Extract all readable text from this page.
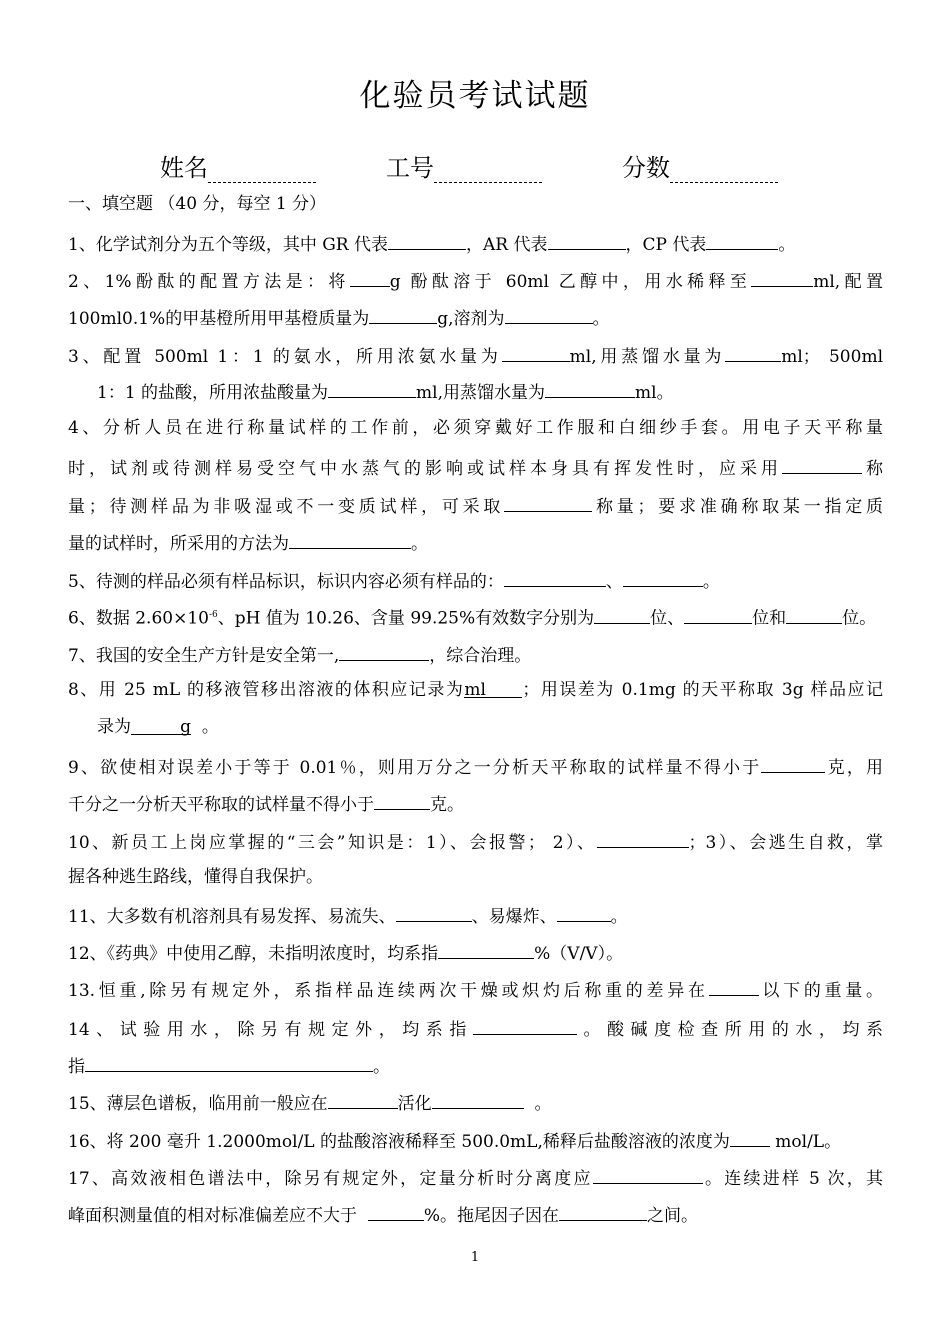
化验员考试试题
姓名	工号	分数
一、填空题 （40 分，每空 1 分）
1、化学试剂分为五个等级，其中 GR 代表	，AR 代表	，CP 代表	。
2、1%酚酞的配置方法是：将 g 酚酞溶于 60ml 乙醇中，用水稀释至	ml,配置
100ml0.1%的甲基橙所用甲基橙质量为	g,溶剂为	。
3、配置 500ml 1：1 的氨水，所用浓氨水量为	ml,用蒸馏水量为	ml； 500ml
1：1 的盐酸，所用浓盐酸量为	ml,用蒸馏水量为	ml。
4、分析人员在进行称量试样的工作前，必须穿戴好工作服和白细纱手套。用电子天平称量
时，试剂或待测样易受空气中水蒸气的影响或试样本身具有挥发性时，应采用	称
量；待测样品为非吸湿或不一变质试样，可采取	称量；要求准确称取某一指定质
量的试样时，所采用的方法为	。
5、待测的样品必须有样品标识，标识内容必须有样品的：	、	。
6、数据 $2.60\times 10^{-6}$、pH 值为 10.26、含量 99.25%有效数字分别为	位、	位和	位。
7、我国的安全生产方针是安全第一,	，综合治理。
8、用 25 mL 的移液管移出溶液的体积应记录为ml ；用误差为 0.1mg 的天平称取 3g 样品应记
录为	g 。
9、欲使相对误差小于等于 0.01％，则用万分之一分析天平称取的试样量不得小于	克，用
千分之一分析天平称取的试样量不得小于	克。
10、新员工上岗应掌握的“三会”知识是：1）、会报警； 2）、	；3）、会逃生自救，掌
握各种逃生路线，懂得自我保护。
11、大多数有机溶剂具有易发挥、易流失、	、易爆炸、	。
12、《药典》中使用乙醇，未指明浓度时，均系指	%（V/V）。
13.恒重,除另有规定外，系指样品连续两次干燥或炽灼后称重的差异在	以下的重量。
14、试验用水，除另有规定外，均系指	。酸碱度检查所用的水，均系
指	。
15、薄层色谱板，临用前一般应在	活化	。
16、将 200 毫升 1.2000mol/L 的盐酸溶液稀释至 500.0mL,稀释后盐酸溶液的浓度为	mol/L。
17、高效液相色谱法中，除另有规定外，定量分析时分离度应	。连续进样 5 次，其
峰面积测量值的相对标准偏差应不大于	%。拖尾因子因在	之间。
1
